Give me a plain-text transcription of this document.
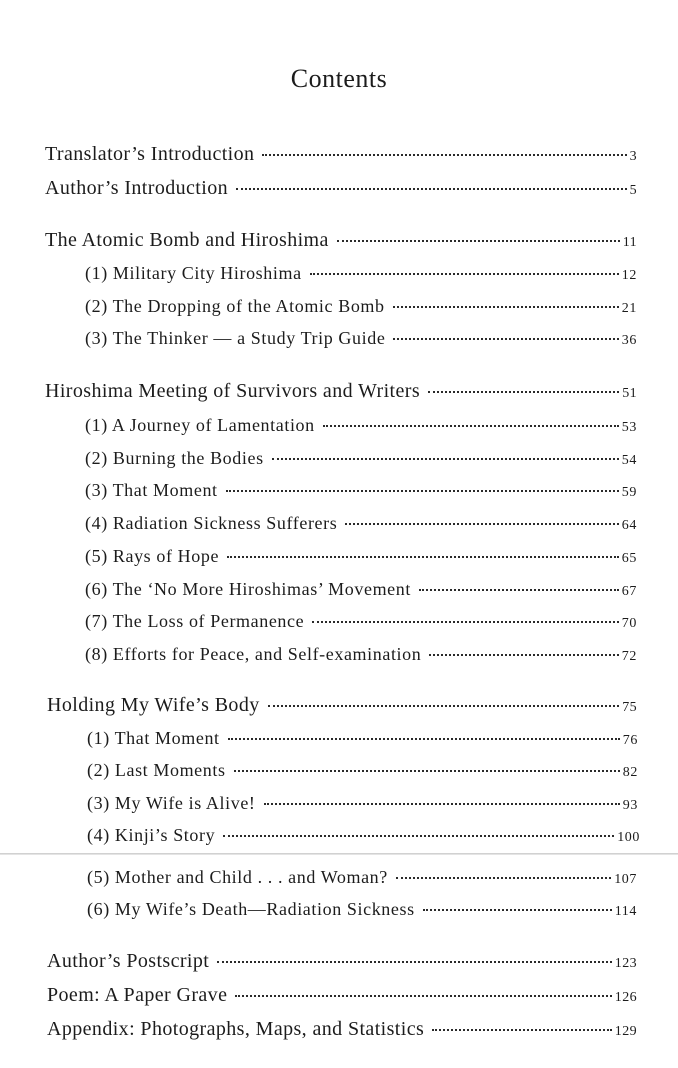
Contents
Translator’s Introduction	3
Author’s Introduction	5
The Atomic Bomb and Hiroshima	11
(1) Military City Hiroshima	12
(2) The Dropping of the Atomic Bomb	21
(3) The Thinker — a Study Trip Guide	36
Hiroshima Meeting of Survivors and Writers	51
(1) A Journey of Lamentation	53
(2) Burning the Bodies	54
(3) That Moment	59
(4) Radiation Sickness Sufferers	64
(5) Rays of Hope	65
(6) The ‘No More Hiroshimas’ Movement	67
(7) The Loss of Permanence	70
(8) Efforts for Peace, and Self-examination	72
Holding My Wife’s Body	75
(1) That Moment	76
(2) Last Moments	82
(3) My Wife is Alive!	93
(4) Kinji’s Story	100
(5) Mother and Child . . . and Woman?	107
(6) My Wife’s Death—Radiation Sickness	114
Author’s Postscript	123
Poem: A Paper Grave	126
Appendix: Photographs, Maps, and Statistics	129
